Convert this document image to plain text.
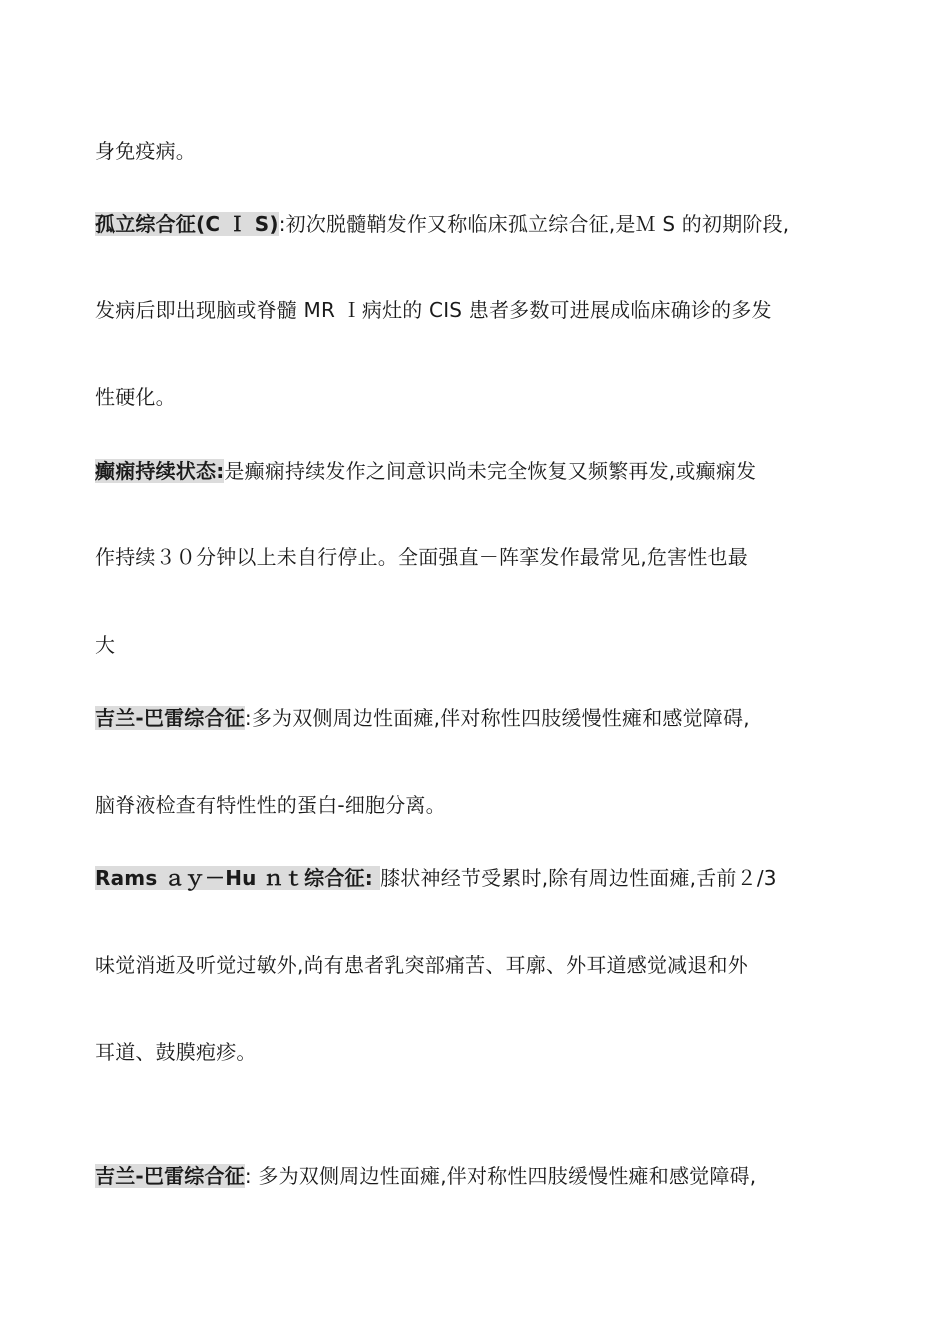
身免疫病。
孤立综合征(C Ｉ S):初次脱髓鞘发作又称临床孤立综合征,是Ｍ S 的初期阶段,
发病后即出现脑或脊髓 MR Ｉ病灶的 CIS 患者多数可进展成临床确诊的多发
性硬化。
癫痫持续状态:是癫痫持续发作之间意识尚未完全恢复又频繁再发,或癫痫发
作持续３０分钟以上未自行停止。全面强直－阵挛发作最常见,危害性也最
大
吉兰-巴雷综合征:多为双侧周边性面瘫,伴对称性四肢缓慢性瘫和感觉障碍,
脑脊液检查有特性性的蛋白-细胞分离。
Rams ａｙ－Hu ｎｔ综合征: 膝状神经节受累时,除有周边性面瘫,舌前２/3
味觉消逝及听觉过敏外,尚有患者乳突部痛苦、耳廓、外耳道感觉减退和外
耳道、鼓膜疱疹。
吉兰-巴雷综合征: 多为双侧周边性面瘫,伴对称性四肢缓慢性瘫和感觉障碍,
